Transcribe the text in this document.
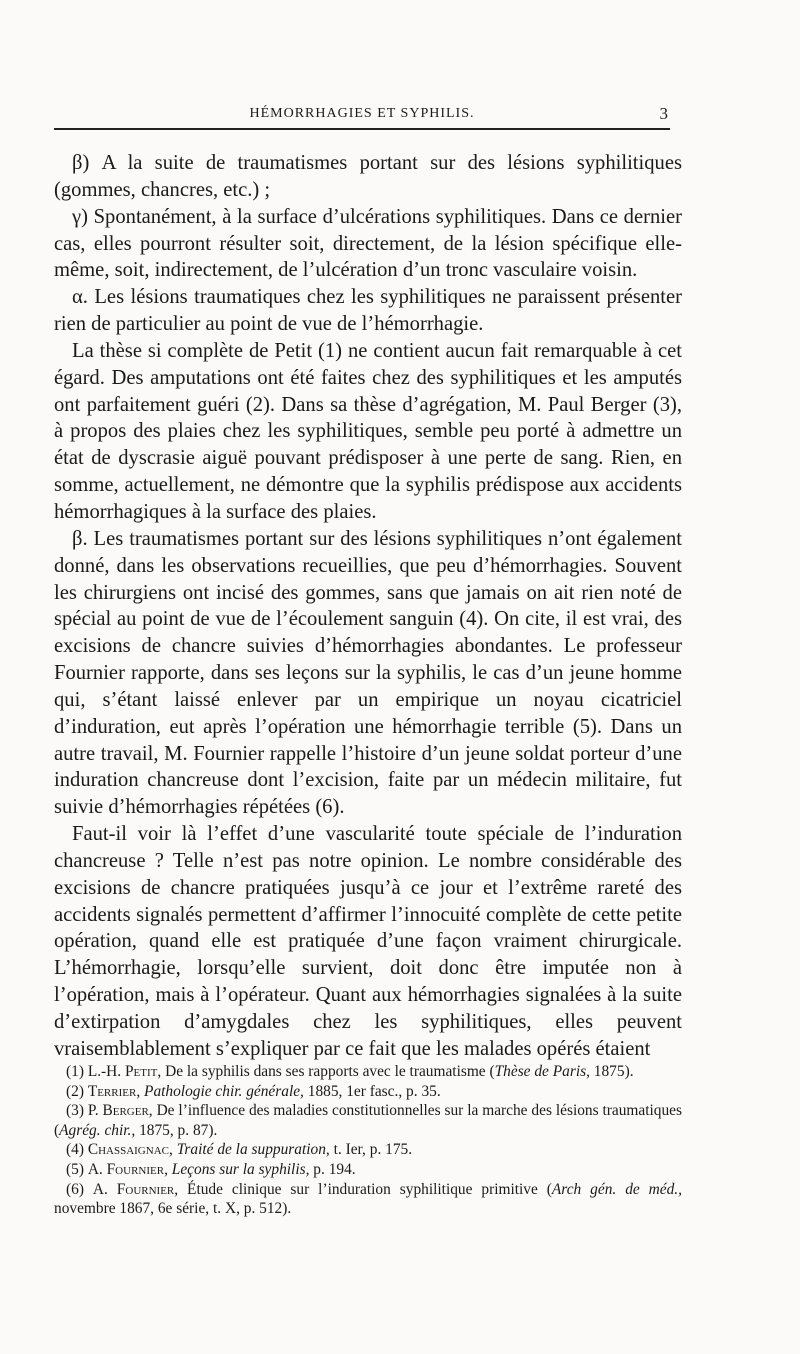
HÉMORRHAGIES ET SYPHILIS.	3

β) A la suite de traumatismes portant sur des lésions syphilitiques (gommes, chancres, etc.) ;

γ) Spontanément, à la surface d’ulcérations syphilitiques. Dans ce dernier cas, elles pourront résulter soit, directement, de la lésion spécifique elle-même, soit, indirectement, de l’ulcération d’un tronc vasculaire voisin.

α. Les lésions traumatiques chez les syphilitiques ne paraissent présenter rien de particulier au point de vue de l’hémorrhagie.

La thèse si complète de Petit (1) ne contient aucun fait remarquable à cet égard. Des amputations ont été faites chez des syphilitiques et les amputés ont parfaitement guéri (2). Dans sa thèse d’agrégation, M. Paul Berger (3), à propos des plaies chez les syphilitiques, semble peu porté à admettre un état de dyscrasie aiguë pouvant prédisposer à une perte de sang. Rien, en somme, actuellement, ne démontre que la syphilis prédispose aux accidents hémorrhagiques à la surface des plaies.

β. Les traumatismes portant sur des lésions syphilitiques n’ont également donné, dans les observations recueillies, que peu d’hémorrhagies. Souvent les chirurgiens ont incisé des gommes, sans que jamais on ait rien noté de spécial au point de vue de l’écoulement sanguin (4). On cite, il est vrai, des excisions de chancre suivies d’hémorrhagies abondantes. Le professeur Fournier rapporte, dans ses leçons sur la syphilis, le cas d’un jeune homme qui, s’étant laissé enlever par un empirique un noyau cicatriciel d’induration, eut après l’opération une hémorrhagie terrible (5). Dans un autre travail, M. Fournier rappelle l’histoire d’un jeune soldat porteur d’une induration chancreuse dont l’excision, faite par un médecin militaire, fut suivie d’hémorrhagies répétées (6).

Faut-il voir là l’effet d’une vascularité toute spéciale de l’induration chancreuse ? Telle n’est pas notre opinion. Le nombre considérable des excisions de chancre pratiquées jusqu’à ce jour et l’extrême rareté des accidents signalés permettent d’affirmer l’innocuité complète de cette petite opération, quand elle est pratiquée d’une façon vraiment chirurgicale. L’hémorrhagie, lorsqu’elle survient, doit donc être imputée non à l’opération, mais à l’opérateur. Quant aux hémorrhagies signalées à la suite d’extirpation d’amygdales chez les syphilitiques, elles peuvent vraisemblablement s’expliquer par ce fait que les malades opérés étaient

(1) L.-H. Petit, De la syphilis dans ses rapports avec le traumatisme (Thèse de Paris, 1875).

(2) Terrier, Pathologie chir. générale, 1885, 1er fasc., p. 35.

(3) P. Berger, De l’influence des maladies constitutionnelles sur la marche des lésions traumatiques (Agrég. chir., 1875, p. 87).

(4) Chassaignac, Traité de la suppuration, t. Ier, p. 175.

(5) A. Fournier, Leçons sur la syphilis, p. 194.

(6) A. Fournier, Étude clinique sur l’induration syphilitique primitive (Arch gén. de méd., novembre 1867, 6e série, t. X, p. 512).
